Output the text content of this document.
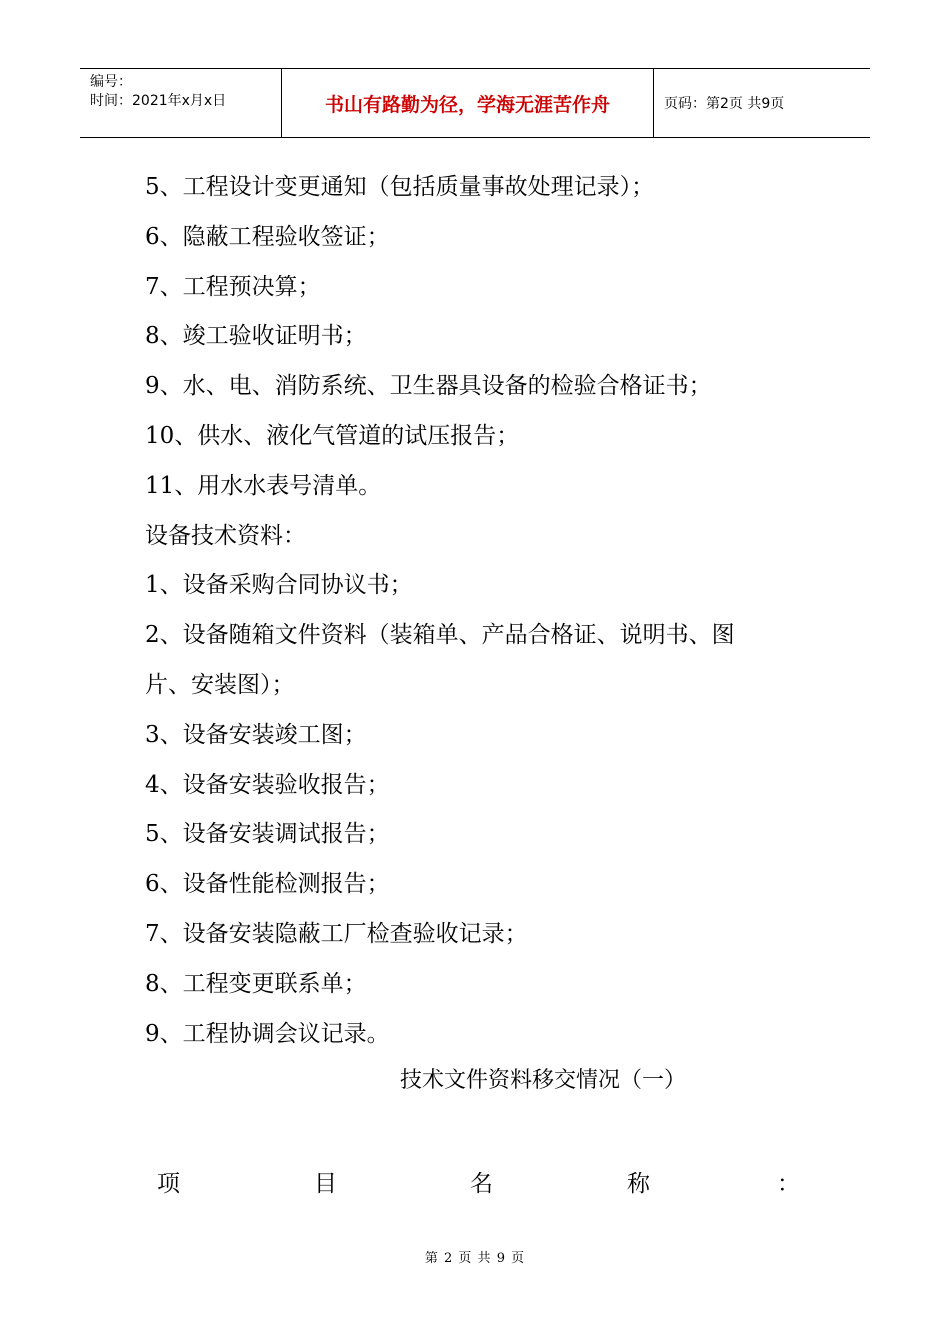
编号：
时间：2021年x月x日	书山有路勤为径，学海无涯苦作舟	页码：第2页 共9页
5、工程设计变更通知（包括质量事故处理记录）；
6、隐蔽工程验收签证；
7、工程预决算；
8、竣工验收证明书；
9、水、电、消防系统、卫生器具设备的检验合格证书；
10、供水、液化气管道的试压报告；
11、用水水表号清单。
设备技术资料：
1、设备采购合同协议书；
2、设备随箱文件资料（装箱单、产品合格证、说明书、图
片、安装图）；
3、设备安装竣工图；
4、设备安装验收报告；
5、设备安装调试报告；
6、设备性能检测报告；
7、设备安装隐蔽工厂检查验收记录；
8、工程变更联系单；
9、工程协调会议记录。
技术文件资料移交情况（一）
项	目	名	称	：
第 2 页 共 9 页
